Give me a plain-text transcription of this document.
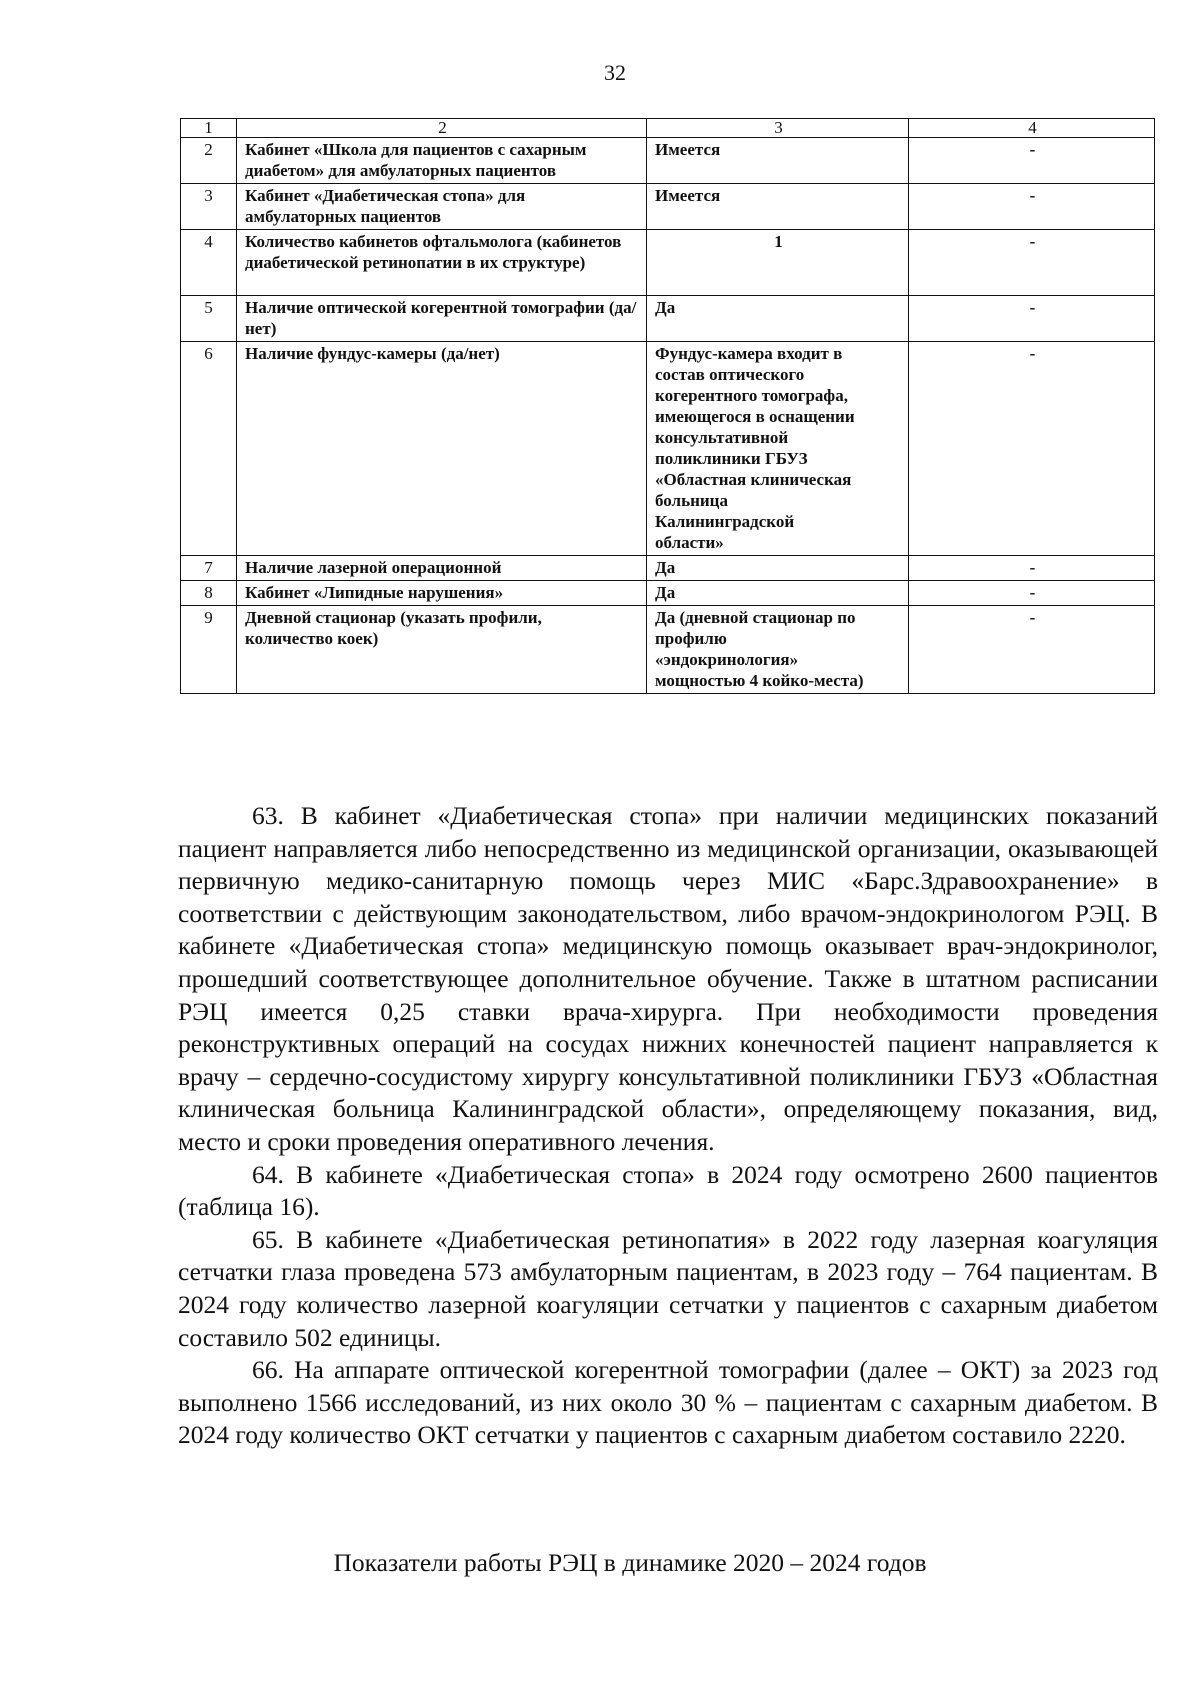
32
1	2	3	4
2	Кабинет «Школа для пациентов с сахарным диабетом» для амбулаторных пациентов	Имеется	-
3	Кабинет «Диабетическая стопа» для амбулаторных пациентов	Имеется	-
4	Количество кабинетов офтальмолога (кабинетов диабетической ретинопатии в их структуре)	1	-
5	Наличие оптической когерентной томографии (да/нет)	Да	-
6	Наличие фундус-камеры (да/нет)	Фундус-камера входит в состав оптического когерентного томографа, имеющегося в оснащении консультативной поликлиники ГБУЗ «Областная клиническая больница Калининградской области»	-
7	Наличие лазерной операционной	Да	-
8	Кабинет «Липидные нарушения»	Да	-
9	Дневной стационар (указать профили, количество коек)	Да (дневной стационар по профилю «эндокринология» мощностью 4 койко-места)	-

63. В кабинет «Диабетическая стопа» при наличии медицинских показаний пациент направляется либо непосредственно из медицинской организации, оказывающей первичную медико-санитарную помощь через МИС «Барс.Здравоохранение» в соответствии с действующим законодательством, либо врачом-эндокринологом РЭЦ. В кабинете «Диабетическая стопа» медицинскую помощь оказывает врач-эндокринолог, прошедший соответствующее дополнительное обучение. Также в штатном расписании РЭЦ имеется 0,25 ставки врача-хирурга. При необходимости проведения реконструктивных операций на сосудах нижних конечностей пациент направляется к врачу – сердечно-сосудистому хирургу консультативной поликлиники ГБУЗ «Областная клиническая больница Калининградской области», определяющему показания, вид, место и сроки проведения оперативного лечения.

64. В кабинете «Диабетическая стопа» в 2024 году осмотрено 2600 пациентов (таблица 16).

65. В кабинете «Диабетическая ретинопатия» в 2022 году лазерная коагуляция сетчатки глаза проведена 573 амбулаторным пациентам, в 2023 году – 764 пациентам. В 2024 году количество лазерной коагуляции сетчатки у пациентов с сахарным диабетом составило 502 единицы.

66. На аппарате оптической когерентной томографии (далее – ОКТ) за 2023 год выполнено 1566 исследований, из них около 30 % – пациентам с сахарным диабетом. В 2024 году количество ОКТ сетчатки у пациентов с сахарным диабетом составило 2220.

Показатели работы РЭЦ в динамике 2020 – 2024 годов
